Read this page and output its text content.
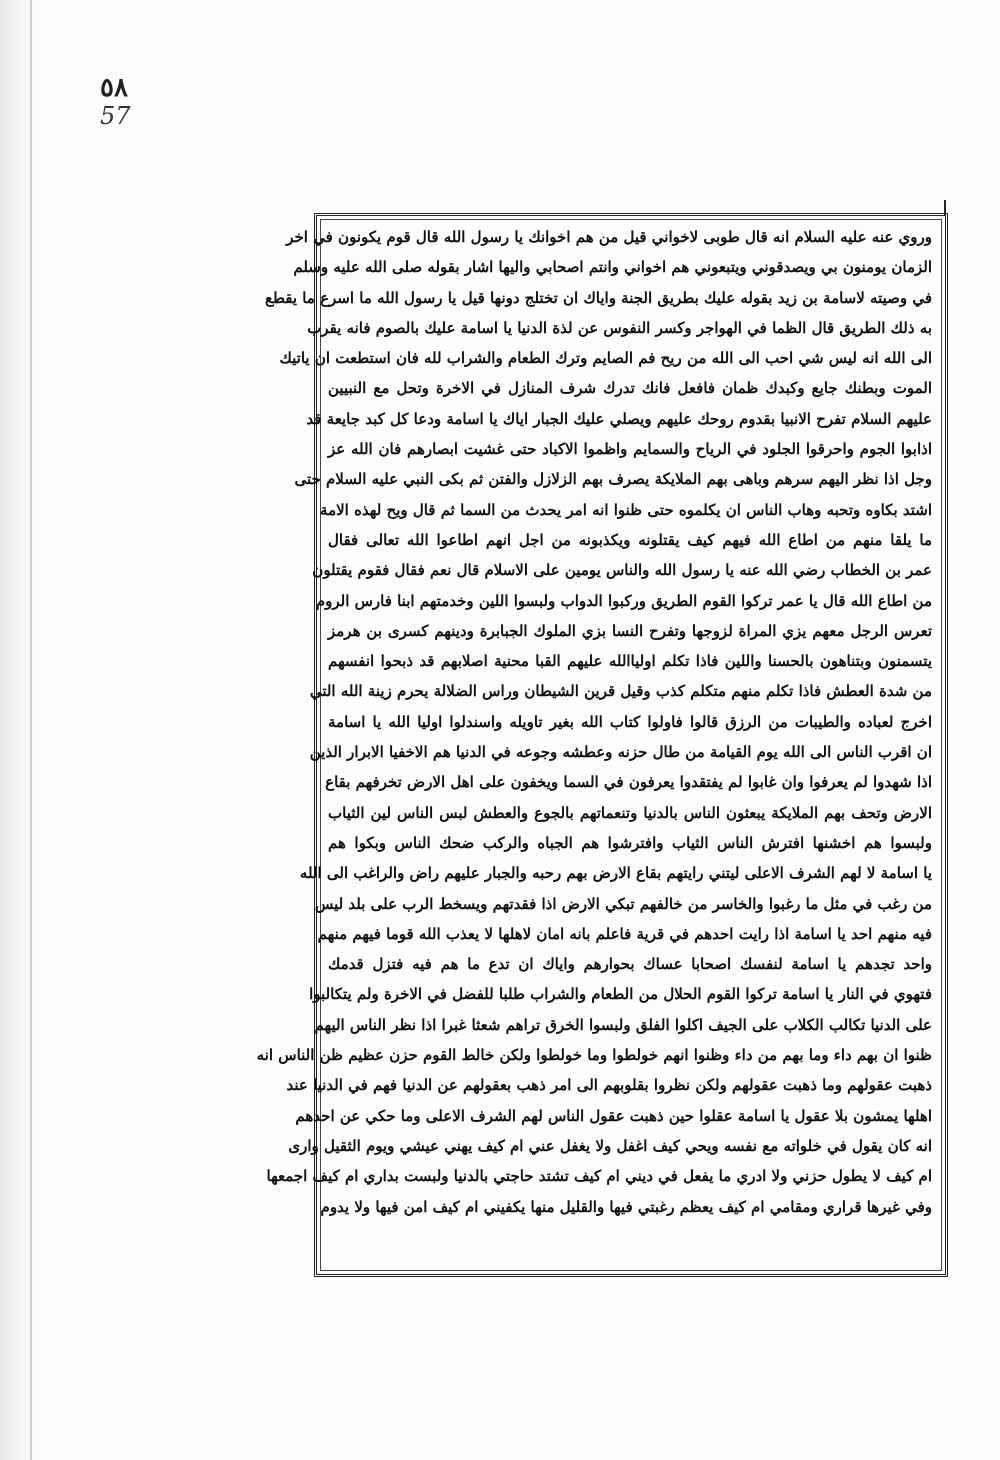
٥٨
57
وروي عنه عليه السلام انه قال طوبى لاخواني قيل من هم اخوانك يا رسول الله قال قوم يكونون في اخر
الزمان يومنون بي ويصدقوني ويتبعوني هم اخواني وانتم اصحابي واليها اشار بقوله صلى الله عليه وسلم
في وصيته لاسامة بن زيد بقوله عليك بطريق الجنة واياك ان تختلج دونها قيل يا رسول الله ما اسرع ما يقطع
به ذلك الطريق قال الظما في الهواجر وكسر النفوس عن لذة الدنيا يا اسامة عليك بالصوم فانه يقرب
الى الله انه ليس شي احب الى الله من ريح فم الصايم وترك الطعام والشراب لله فان استطعت ان ياتيك
الموت وبطنك جايع وكبدك ظمان فافعل فانك تدرك شرف المنازل في الاخرة وتحل مع النبيين
عليهم السلام تفرح الانبيا بقدوم روحك عليهم ويصلي عليك الجبار اياك يا اسامة ودعا كل كبد جايعة قد
اذابوا الجوم واحرقوا الجلود في الرياح والسمايم واظموا الاكباد حتى غشيت ابصارهم فان الله عز
وجل اذا نظر اليهم سرهم وباهى بهم الملايكة يصرف بهم الزلازل والفتن ثم بكى النبي عليه السلام حتى
اشتد بكاوه وتحبه وهاب الناس ان يكلموه حتى ظنوا انه امر يحدث من السما ثم قال ويح لهذه الامة
ما يلقا منهم من اطاع الله فيهم كيف يقتلونه ويكذبونه من اجل انهم اطاعوا الله تعالى فقال
عمر بن الخطاب رضي الله عنه يا رسول الله والناس يومين على الاسلام قال نعم فقال فقوم يقتلون
من اطاع الله قال يا عمر تركوا القوم الطريق وركبوا الدواب ولبسوا اللين وخدمتهم ابنا فارس الروم
تعرس الرجل معهم يزي المراة لزوجها وتفرح النسا بزي الملوك الجبابرة ودينهم كسرى بن هرمز
يتسمنون وبتناهون بالحسنا واللين فاذا تكلم اولياالله عليهم القبا محنية اصلابهم قد ذبحوا انفسهم
من شدة العطش فاذا تكلم منهم متكلم كذب وقيل قرين الشيطان وراس الضلالة يحرم زينة الله التي
اخرج لعباده والطيبات من الرزق قالوا فاولوا كتاب الله بغير تاويله واسندلوا اوليا الله يا اسامة
ان اقرب الناس الى الله يوم القيامة من طال حزنه وعطشه وجوعه في الدنيا هم الاخفيا الابرار الذين
اذا شهدوا لم يعرفوا وان غابوا لم يفتقدوا يعرفون في السما ويخفون على اهل الارض تخرفهم بقاع
الارض وتحف بهم الملايكة يبعثون الناس بالدنيا وتنعماتهم بالجوع والعطش لبس الناس لين الثياب
ولبسوا هم اخشنها افترش الناس الثياب وافترشوا هم الجباه والركب ضحك الناس وبكوا هم
يا اسامة لا لهم الشرف الاعلى ليتني رايتهم بقاع الارض بهم رحبه والجبار عليهم راض والراغب الى الله
من رغب في مثل ما رغبوا والخاسر من خالفهم تبكي الارض اذا فقدتهم ويسخط الرب على بلد ليس
فيه منهم احد يا اسامة اذا رايت احدهم في قرية فاعلم بانه امان لاهلها لا يعذب الله قوما فيهم منهم
واحد تجدهم يا اسامة لنفسك اصحابا عساك بحوارهم واياك ان تدع ما هم فيه فتزل قدمك
فتهوي في النار يا اسامة تركوا القوم الحلال من الطعام والشراب طلبا للفضل في الاخرة ولم يتكالبوا
على الدنيا تكالب الكلاب على الجيف اكلوا الفلق ولبسوا الخرق تراهم شعثا غبرا اذا نظر الناس اليهم
ظنوا ان بهم داء وما بهم من داء وظنوا انهم خولطوا وما خولطوا ولكن خالط القوم حزن عظيم ظن الناس انه
ذهبت عقولهم وما ذهبت عقولهم ولكن نظروا بقلوبهم الى امر ذهب بعقولهم عن الدنيا فهم في الدنيا عند
اهلها يمشون بلا عقول يا اسامة عقلوا حين ذهبت عقول الناس لهم الشرف الاعلى وما حكي عن احدهم
انه كان يقول في خلواته مع نفسه ويحي كيف اغفل ولا يغفل عني ام كيف يهني عيشي ويوم الثقيل وارى
ام كيف لا يطول حزني ولا ادري ما يفعل في ديني ام كيف تشتد حاجتي بالدنيا ولبست بداري ام كيف اجمعها
وفي غيرها قراري ومقامي ام كيف يعظم رغبتي فيها والقليل منها يكفيني ام كيف امن فيها ولا يدوم
